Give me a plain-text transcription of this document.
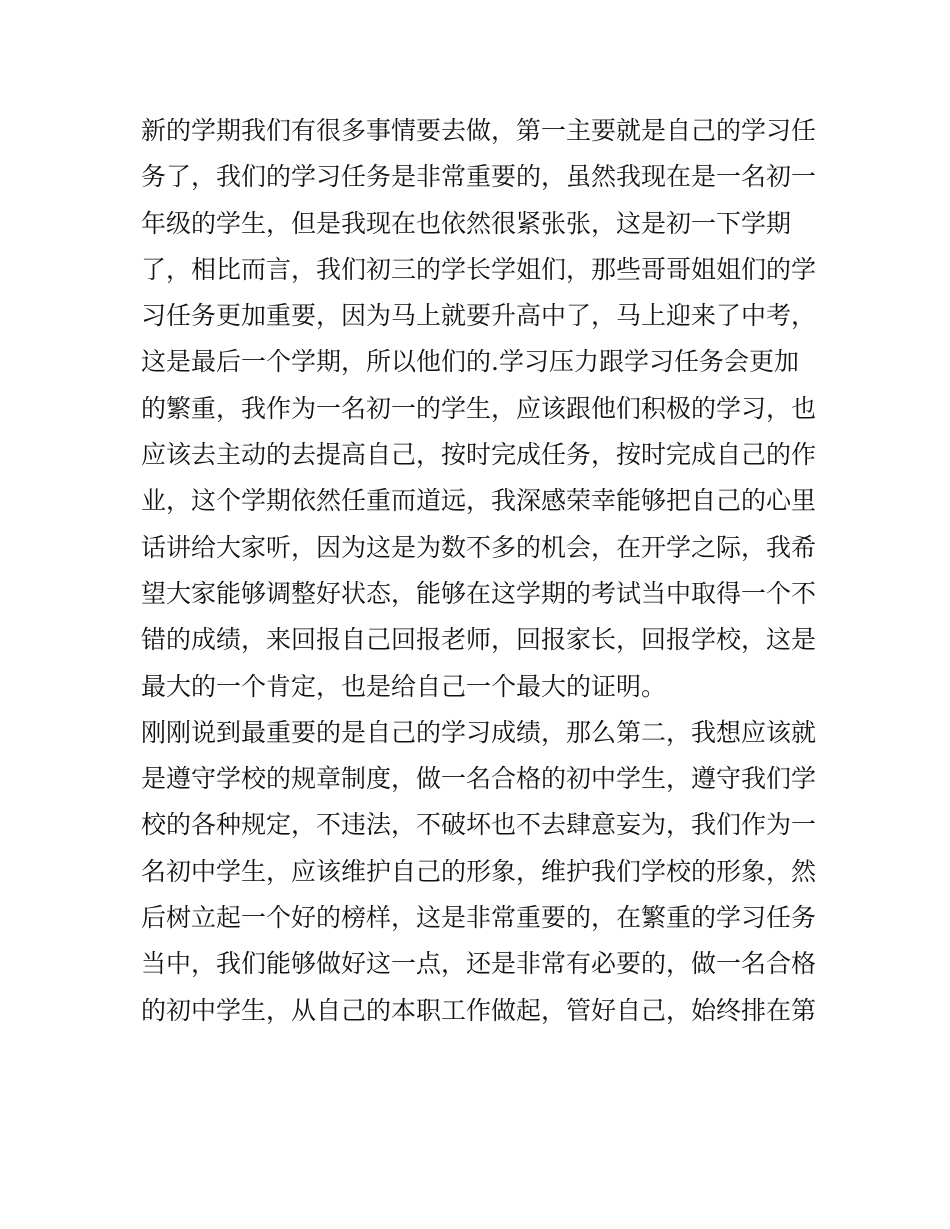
新的学期我们有很多事情要去做，第一主要就是自己的学习任
务了，我们的学习任务是非常重要的，虽然我现在是一名初一
年级的学生，但是我现在也依然很紧张张，这是初一下学期
了，相比而言，我们初三的学长学姐们，那些哥哥姐姐们的学
习任务更加重要，因为马上就要升高中了，马上迎来了中考，
这是最后一个学期，所以他们的.学习压力跟学习任务会更加
的繁重，我作为一名初一的学生，应该跟他们积极的学习，也
应该去主动的去提高自己，按时完成任务，按时完成自己的作
业，这个学期依然任重而道远，我深感荣幸能够把自己的心里
话讲给大家听，因为这是为数不多的机会，在开学之际，我希
望大家能够调整好状态，能够在这学期的考试当中取得一个不
错的成绩，来回报自己回报老师，回报家长，回报学校，这是
最大的一个肯定，也是给自己一个最大的证明。
刚刚说到最重要的是自己的学习成绩，那么第二，我想应该就
是遵守学校的规章制度，做一名合格的初中学生，遵守我们学
校的各种规定，不违法，不破坏也不去肆意妄为，我们作为一
名初中学生，应该维护自己的形象，维护我们学校的形象，然
后树立起一个好的榜样，这是非常重要的，在繁重的学习任务
当中，我们能够做好这一点，还是非常有必要的，做一名合格
的初中学生，从自己的本职工作做起，管好自己，始终排在第
